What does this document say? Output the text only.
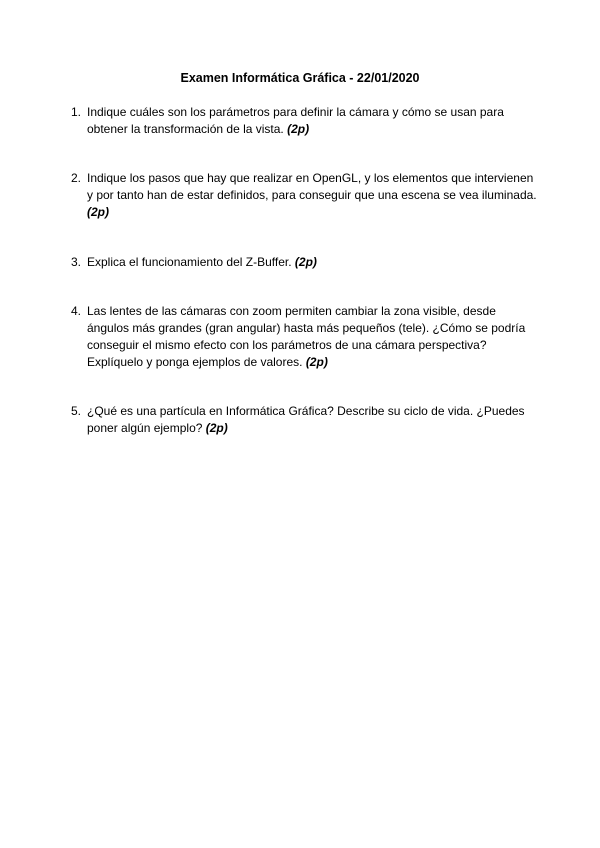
Examen Informática Gráfica - 22/01/2020
1. Indique cuáles son los parámetros para definir la cámara y cómo se usan para obtener la transformación de la vista. (2p)
2. Indique los pasos que hay que realizar en OpenGL, y los elementos que intervienen y por tanto han de estar definidos, para conseguir que una escena se vea iluminada. (2p)
3. Explica el funcionamiento del Z-Buffer. (2p)
4. Las lentes de las cámaras con zoom permiten cambiar la zona visible, desde ángulos más grandes (gran angular) hasta más pequeños (tele). ¿Cómo se podría conseguir el mismo efecto con los parámetros de una cámara perspectiva? Explíquelo y ponga ejemplos de valores. (2p)
5. ¿Qué es una partícula en Informática Gráfica? Describe su ciclo de vida. ¿Puedes poner algún ejemplo? (2p)
